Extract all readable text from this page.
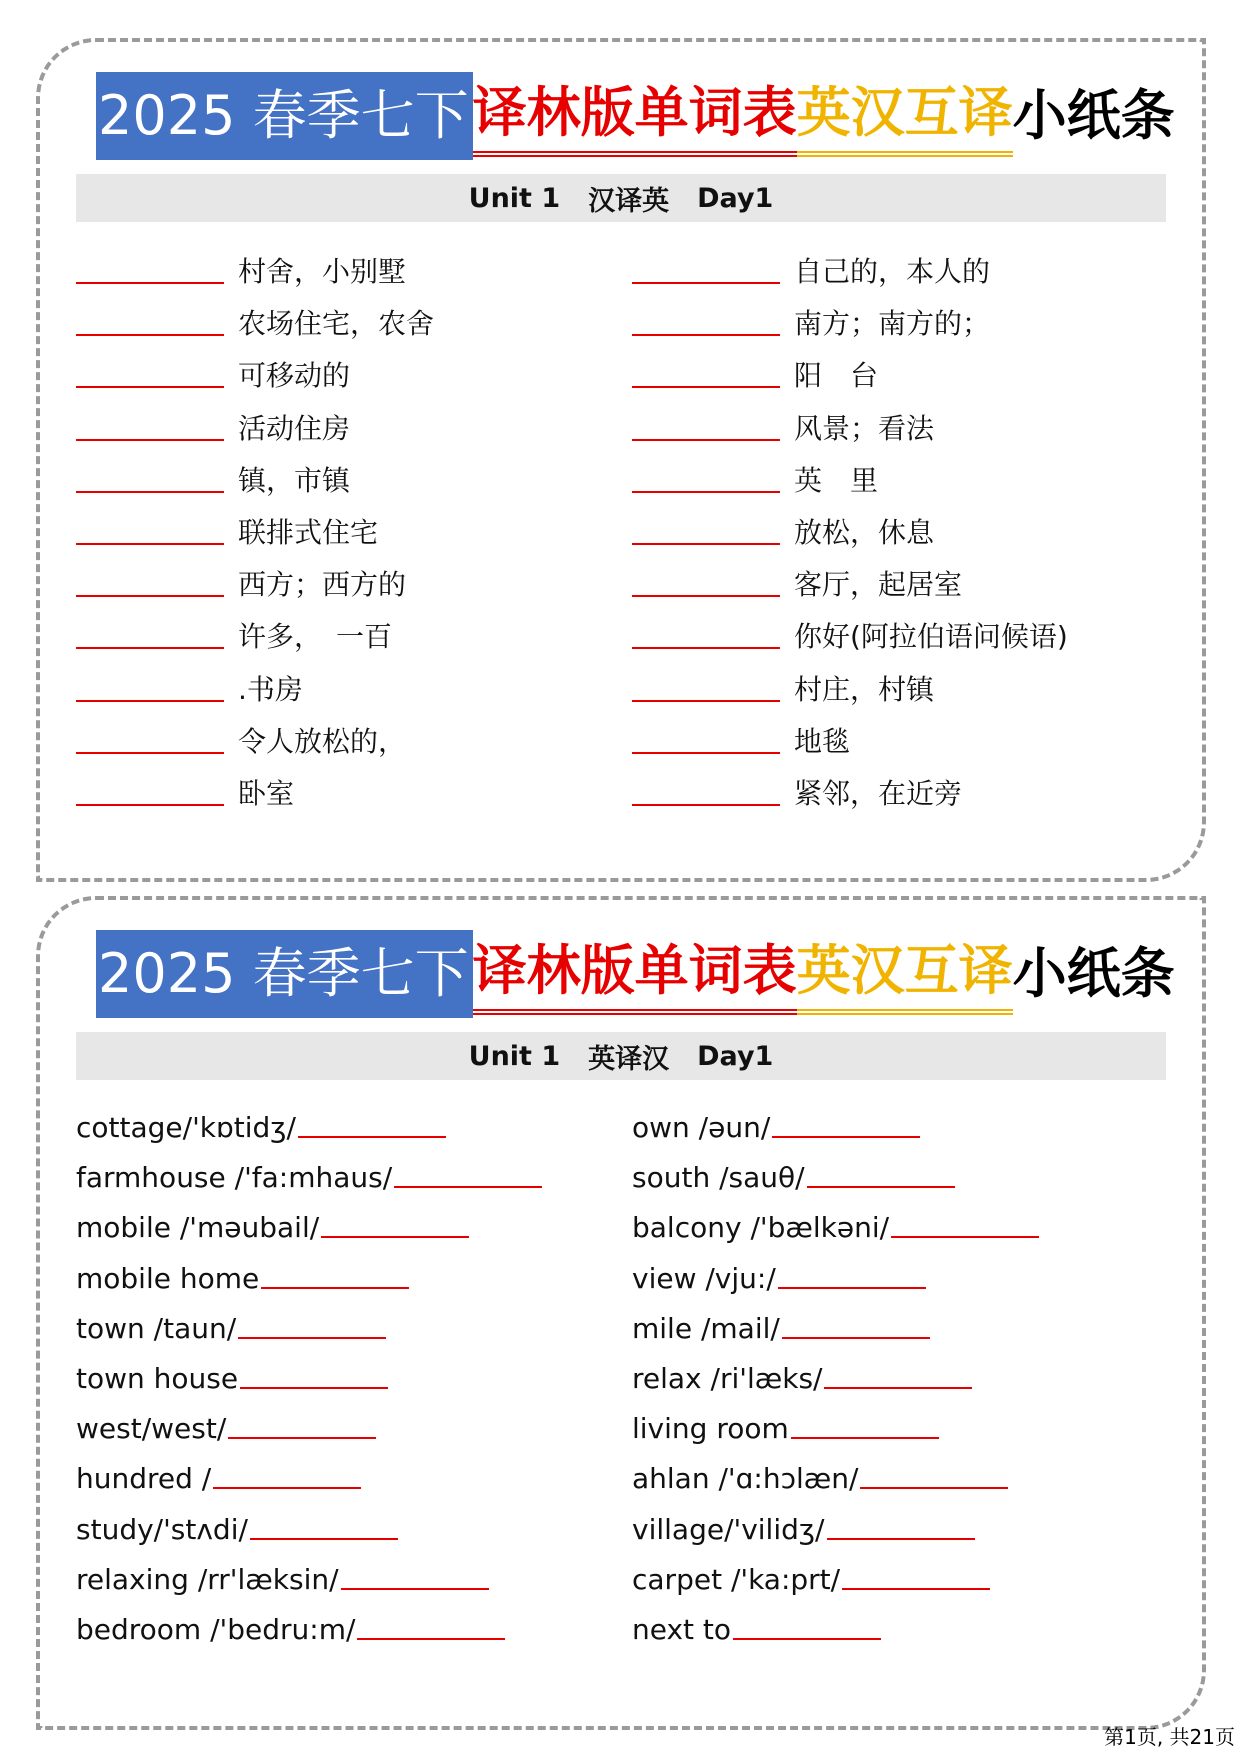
2025 春季七下 译林版单词表 英汉互译 小纸条
Unit 1 汉译英 Day1
村舍，小别墅	自己的，本人的
农场住宅，农舍	南方；南方的；
可移动的	阳　台
活动住房	风景；看法
镇，市镇	英　里
联排式住宅	放松，休息
西方；西方的	客厅，起居室
许多，　一百	你好(阿拉伯语问候语)
.书房	村庄，村镇
令人放松的，	地毯
卧室	紧邻，在近旁
2025 春季七下 译林版单词表 英汉互译 小纸条
Unit 1 英译汉 Day1
cottage/'kɒtidʒ/	own /əun/
farmhouse /'fa:mhaus/	south /sauθ/
mobile /'məubail/	balcony /'bælkəni/
mobile home	view /vju:/
town /taun/	mile /mail/
town house	relax /ri'læks/
west/west/	living room
hundred /	ahlan /'ɑ:hɔlæn/
study/'stʌdi/	village/'vilidʒ/
relaxing /rr'læksin/	carpet /'ka:prt/
bedroom /'bedru:m/	next to
第1页, 共21页
